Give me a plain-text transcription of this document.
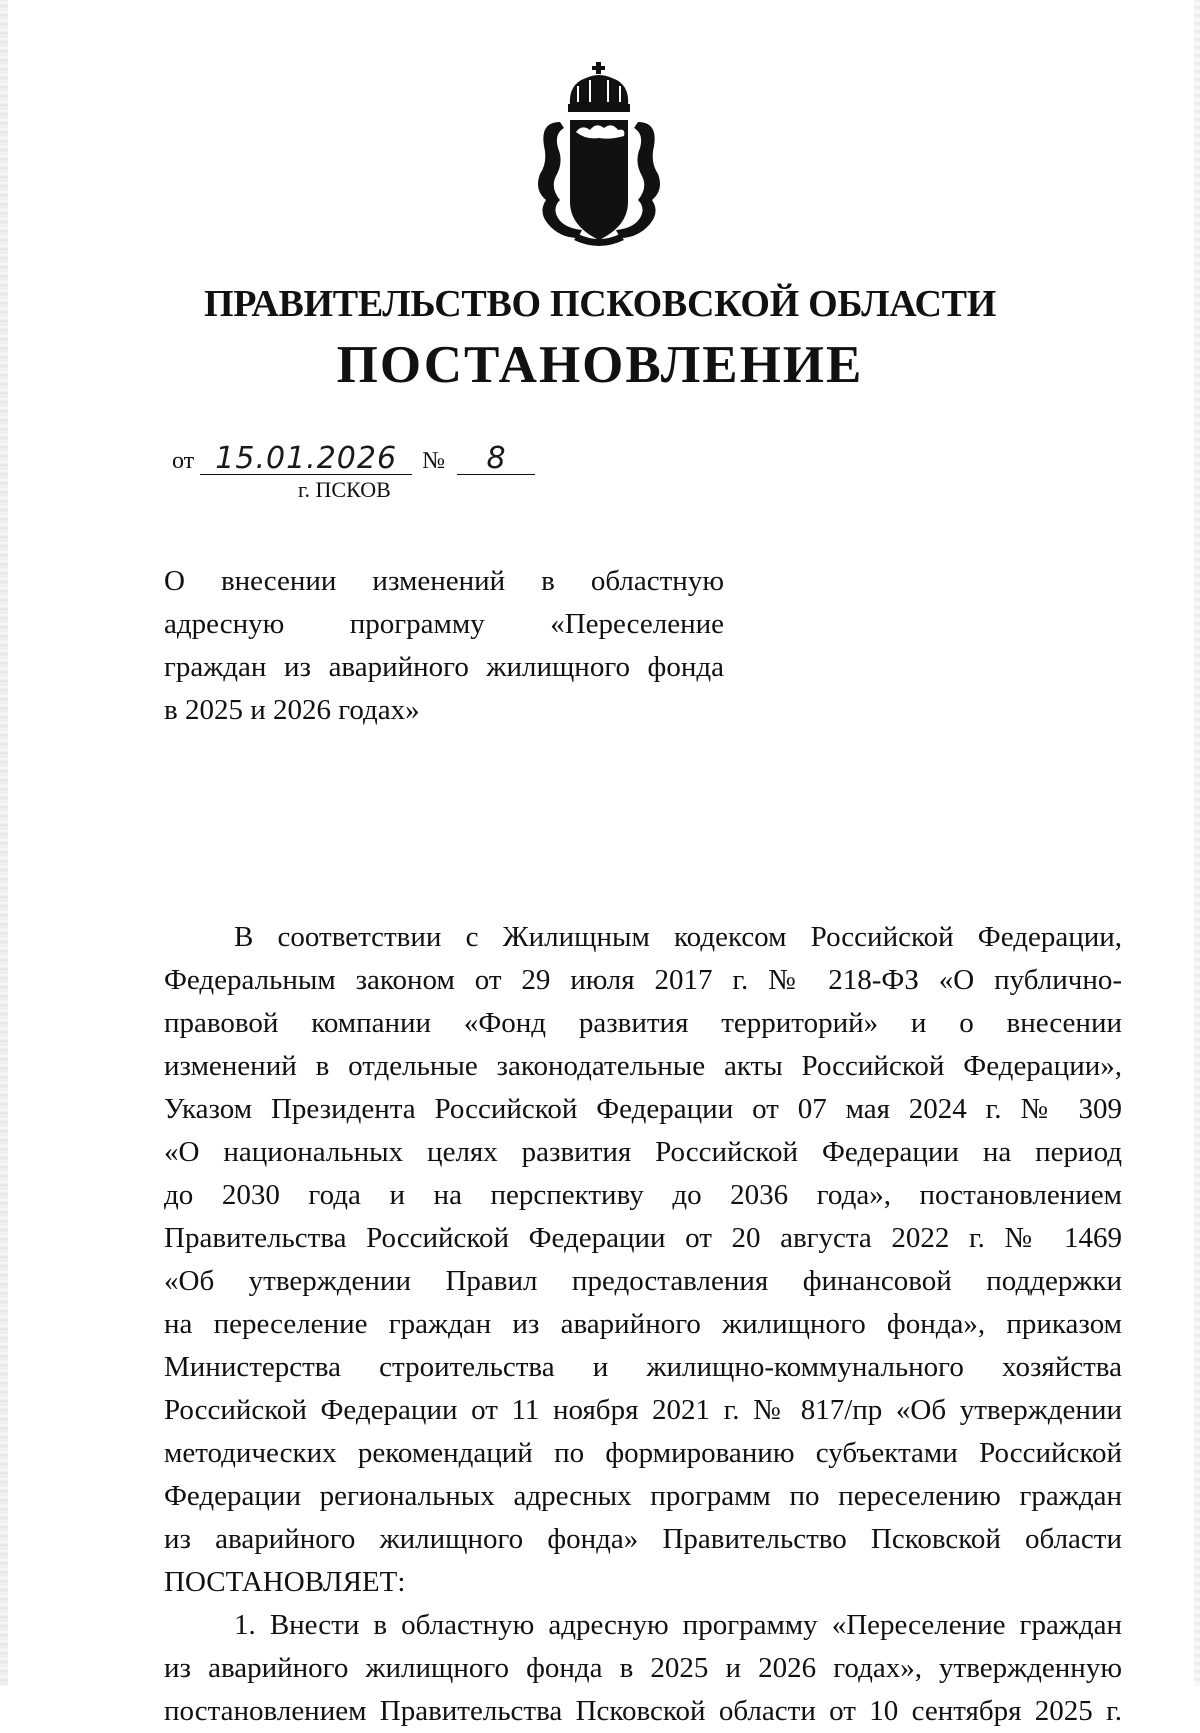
ПРАВИТЕЛЬСТВО ПСКОВСКОЙ ОБЛАСТИ
ПОСТАНОВЛЕНИЕ
от 15.01.2026 № 8
г. ПСКОВ
О внесении изменений в областную
адресную программу «Переселение
граждан из аварийного жилищного фонда
в 2025 и 2026 годах»
В соответствии с Жилищным кодексом Российской Федерации,
Федеральным законом от 29 июля 2017 г. № 218-ФЗ «О публично-
правовой компании «Фонд развития территорий» и о внесении
изменений в отдельные законодательные акты Российской Федерации»,
Указом Президента Российской Федерации от 07 мая 2024 г. № 309
«О национальных целях развития Российской Федерации на период
до 2030 года и на перспективу до 2036 года», постановлением
Правительства Российской Федерации от 20 августа 2022 г. № 1469
«Об утверждении Правил предоставления финансовой поддержки
на переселение граждан из аварийного жилищного фонда», приказом
Министерства строительства и жилищно-коммунального хозяйства
Российской Федерации от 11 ноября 2021 г. № 817/пр «Об утверждении
методических рекомендаций по формированию субъектами Российской
Федерации региональных адресных программ по переселению граждан
из аварийного жилищного фонда» Правительство Псковской области
ПОСТАНОВЛЯЕТ:
1. Внести в областную адресную программу «Переселение граждан
из аварийного жилищного фонда в 2025 и 2026 годах», утвержденную
постановлением Правительства Псковской области от 10 сентября 2025 г.
